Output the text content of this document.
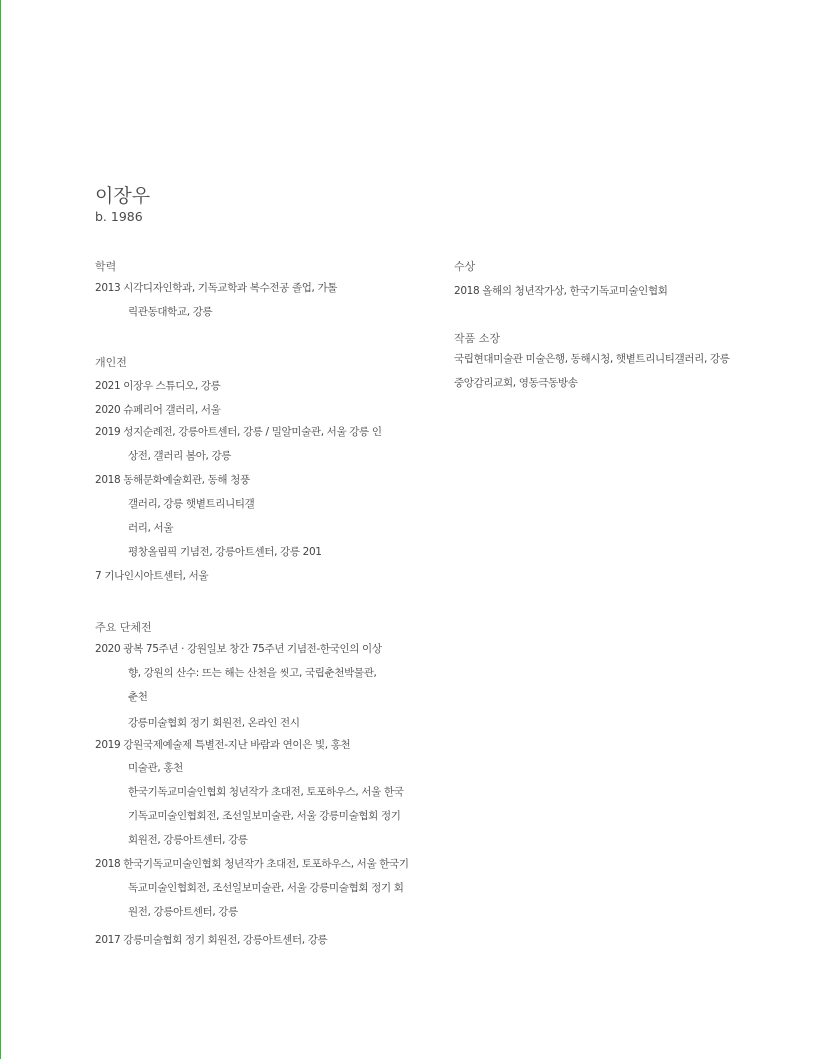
이장우
b. 1986
학력
2013 시각디자인학과, 기독교학과 복수전공 졸업, 가톨
릭관동대학교, 강릉
개인전
2021 이장우 스튜디오, 강릉
2020 슈페리어 갤러리, 서울
2019 성지순례전, 강릉아트센터, 강릉 / 밀알미술관, 서울 강릉 인
상전, 갤러리 봄아, 강릉
2018 동해문화예술회관, 동해 청풍
갤러리, 강릉 햇볕트리니티갤
러리, 서울
평창올림픽 기념전, 강릉아트센터, 강릉 201
7 기나인시아트센터, 서울
주요 단체전
2020 광복 75주년 · 강원일보 창간 75주년 기념전-한국인의 이상
향, 강원의 산수: 뜨는 해는 산천을 씻고, 국립춘천박물관,
춘천
강릉미술협회 정기 회원전, 온라인 전시
2019 강원국제예술제 특별전-지난 바람과 연이은 빛, 홍천
미술관, 홍천
한국기독교미술인협회 청년작가 초대전, 토포하우스, 서울 한국
기독교미술인협회전, 조선일보미술관, 서울 강릉미술협회 정기
회원전, 강릉아트센터, 강릉
2018 한국기독교미술인협회 청년작가 초대전, 토포하우스, 서울 한국기
독교미술인협회전, 조선일보미술관, 서울 강릉미술협회 정기 회
원전, 강릉아트센터, 강릉
2017 강릉미술협회 정기 회원전, 강릉아트센터, 강릉
수상
2018 올해의 청년작가상, 한국기독교미술인협회
작품 소장
국립현대미술관 미술은행, 동해시청, 햇볕트리니티갤러리, 강릉
중앙감리교회, 영동극동방송
